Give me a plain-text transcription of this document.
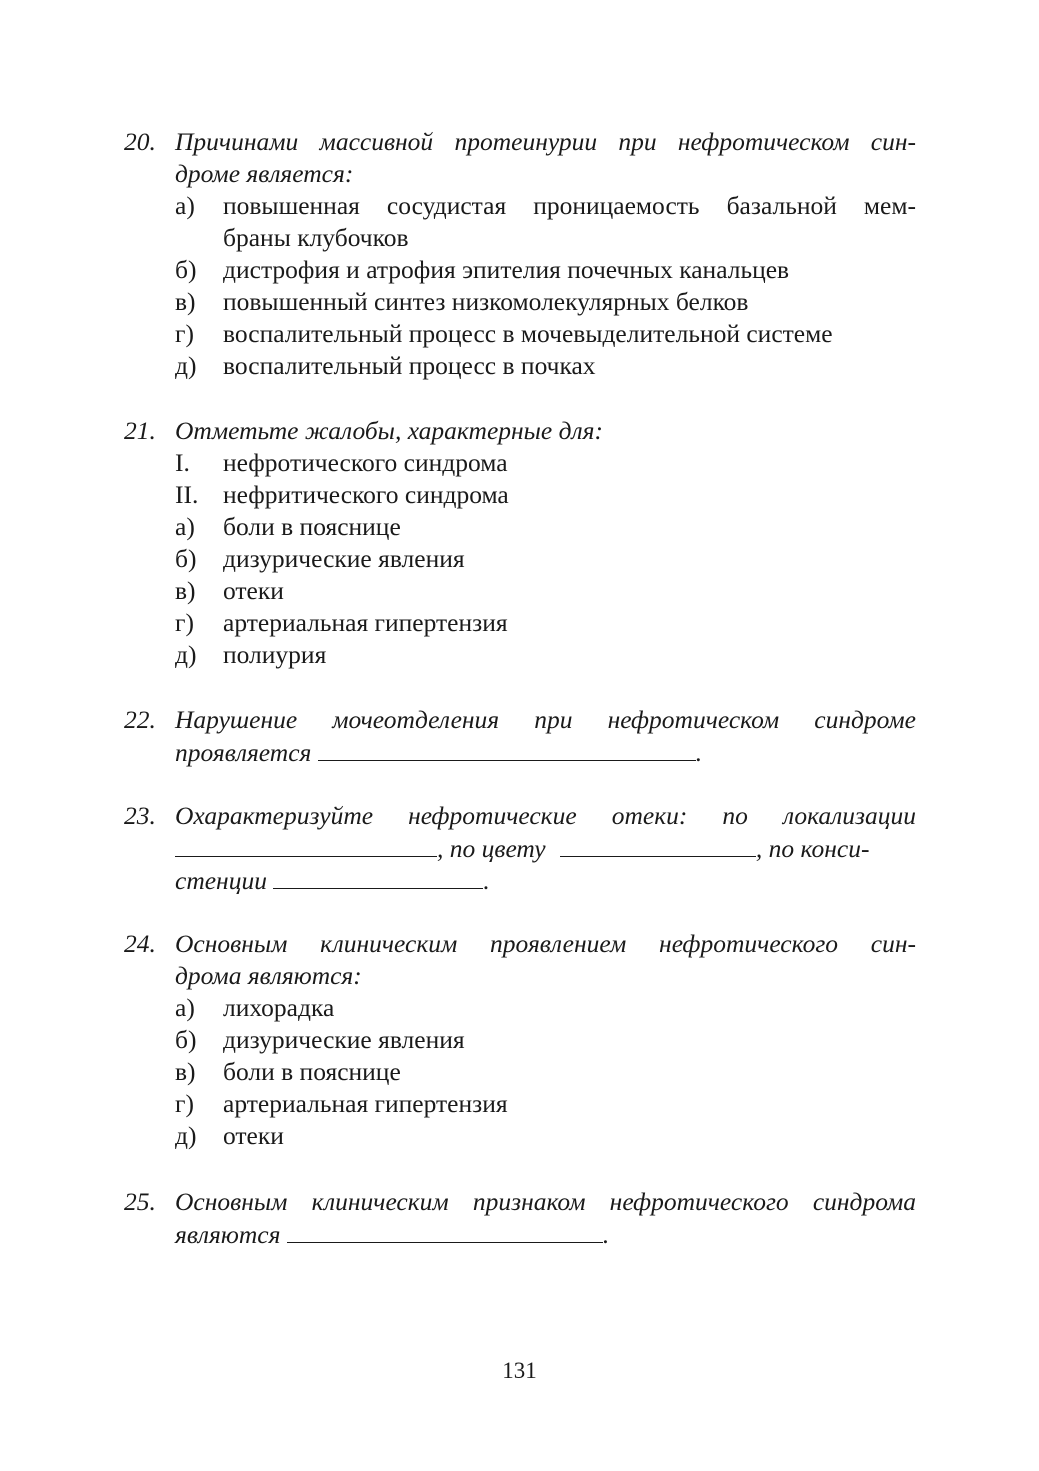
20. Причинами массивной протеинурии при нефротическом син-
дроме является:
а) повышенная сосудистая проницаемость базальной мем-
браны клубочков
б) дистрофия и атрофия эпителия почечных канальцев
в) повышенный синтез низкомолекулярных белков
г) воспалительный процесс в мочевыделительной системе
д) воспалительный процесс в почках
21. Отметьте жалобы, характерные для:
I. нефротического синдрома
II. нефритического синдрома
а) боли в пояснице
б) дизурические явления
в) отеки
г) артериальная гипертензия
д) полиурия
22. Нарушение мочеотделения при нефротическом синдроме
проявляется	.
23. Охарактеризуйте нефротические отеки: по локализации
, по цвету	, по конси-
стенции	.
24. Основным клиническим проявлением нефротического син-
дрома являются:
а) лихорадка
б) дизурические явления
в) боли в пояснице
г) артериальная гипертензия
д) отеки
25. Основным клиническим признаком нефротического синдрома
являются	.
131
